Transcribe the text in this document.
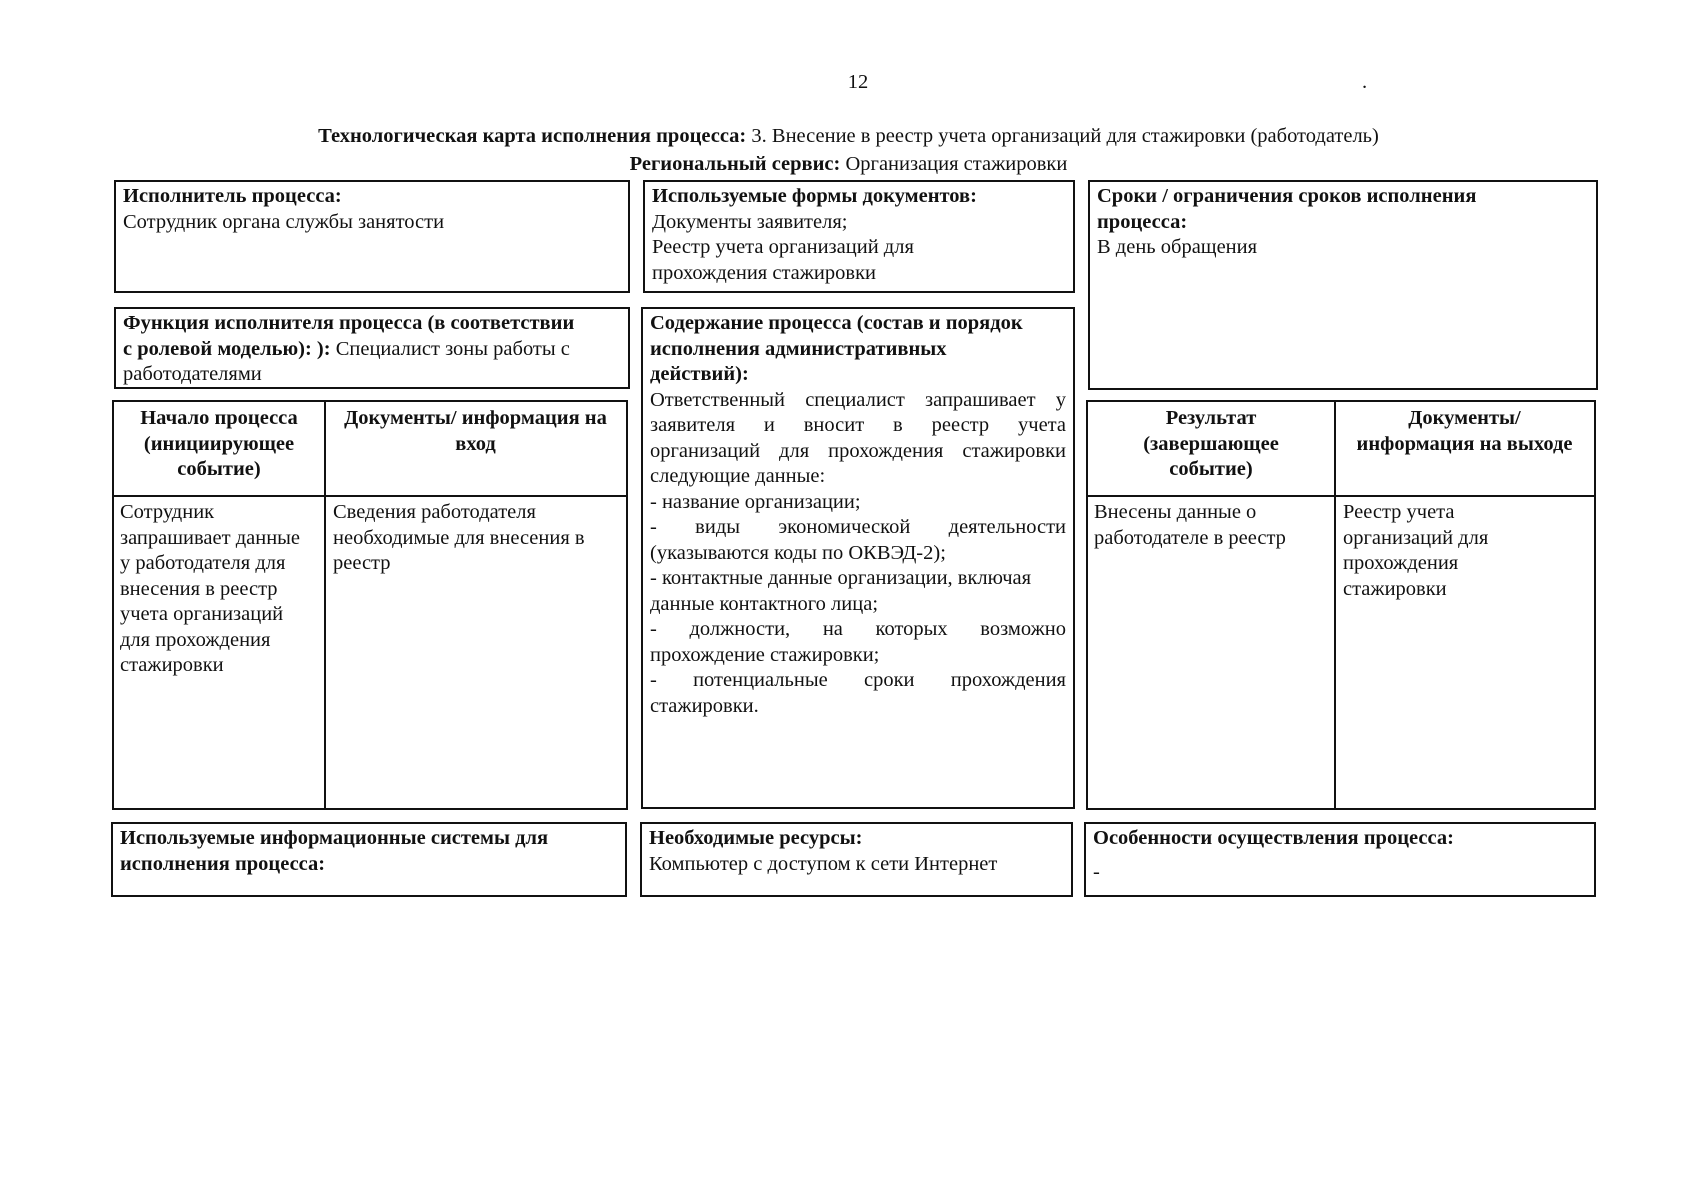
12	.
Технологическая карта исполнения процесса: 3. Внесение в реестр учета организаций для стажировки (работодатель)
Региональный сервис: Организация стажировки
Исполнитель процесса:
Сотрудник органа службы занятости
Используемые формы документов:
Документы заявителя;
Реестр учета организаций для
прохождения стажировки
Сроки / ограничения сроков исполнения
процесса:
В день обращения
Функция исполнителя процесса (в соответствии
с ролевой моделью): ): Специалист зоны работы с
работодателями
Содержание процесса (состав и порядок
исполнения административных
действий):
Ответственный специалист запрашивает у
заявителя и вносит в реестр учета
организаций для прохождения стажировки
следующие данные:
- название организации;
- виды экономической деятельности
(указываются коды по ОКВЭД-2);
- контактные данные организации, включая
данные контактного лица;
- должности, на которых возможно
прохождение стажировки;
- потенциальные сроки прохождения
стажировки.
Начало процесса
(инициирующее
событие)
Документы/ информация на
вход
Сотрудник
запрашивает данные
у работодателя для
внесения в реестр
учета организаций
для прохождения
стажировки
Сведения работодателя
необходимые для внесения в
реестр
Результат
(завершающее
событие)
Документы/
информация на выходе
Внесены данные о
работодателе в реестр
Реестр учета
организаций для
прохождения
стажировки
Используемые информационные системы для
исполнения процесса:
Необходимые ресурсы:
Компьютер с доступом к сети Интернет
Особенности осуществления процесса:
-
